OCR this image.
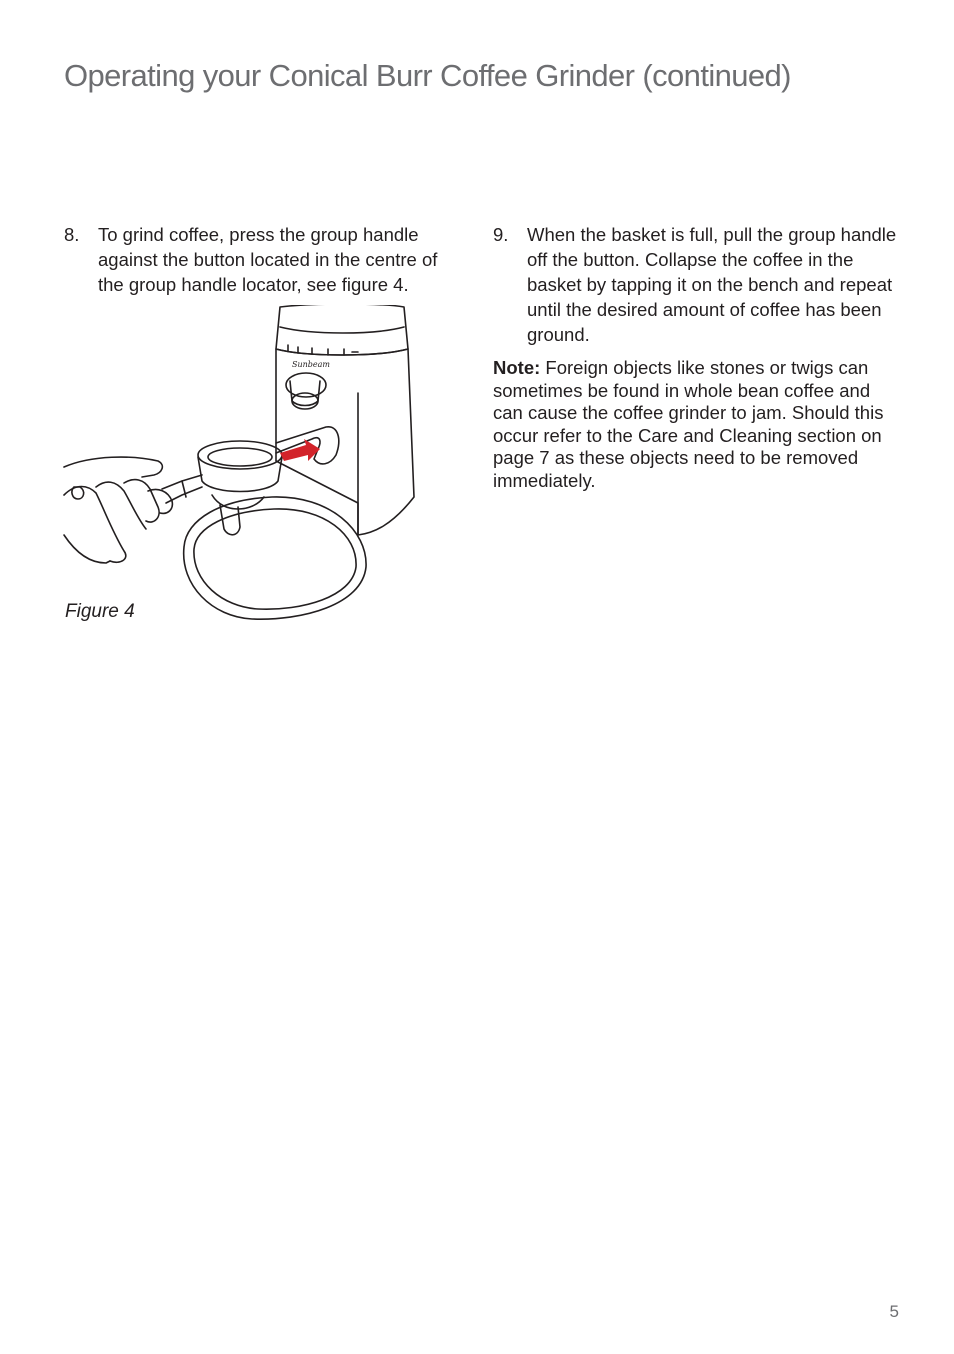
Operating your Conical Burr Coffee Grinder (continued)
8. To grind coffee, press the group handle against the button located in the centre of the group handle locator, see figure 4.
Sunbeam
Figure 4
9. When the basket is full, pull the group handle off the button. Collapse the coffee in the basket by tapping it on the bench and repeat until the desired amount of coffee has been ground.
Note: Foreign objects like stones or twigs can sometimes be found in whole bean coffee and can cause the coffee grinder to jam. Should this occur refer to the Care and Cleaning section on page 7 as these objects need to be removed immediately.
5
